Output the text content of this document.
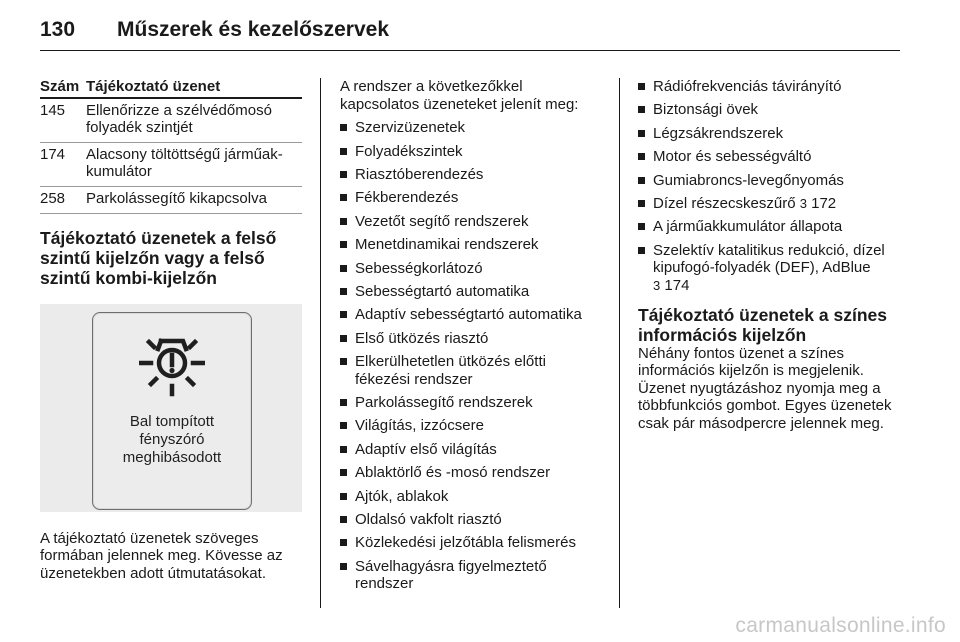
130 Műszerek és kezelőszervek
Szám	Tájékoztató üzenet
145	Ellenőrizze a szélvédőmosó folyadék szintjét
174	Alacsony töltöttségű járműak-kumulátor
258	Parkolássegítő kikapcsolva
Tájékoztató üzenetek a felső szintű kijelzőn vagy a felső szintű kombi-kijelzőn
Bal tompított
fényszóró
meghibásodott

A tájékoztató üzenetek szöveges formában jelennek meg. Kövesse az üzenetekben adott útmutatásokat.

A rendszer a következőkkel kapcsolatos üzeneteket jelenít meg:

Szervizüzenetek
Folyadékszintek
Riasztóberendezés
Fékberendezés
Vezetőt segítő rendszerek
Menetdinamikai rendszerek
Sebességkorlátozó
Sebességtartó automatika
Adaptív sebességtartó automatika
Első ütközés riasztó
Elkerülhetetlen ütközés előtti fékezési rendszer
Parkolássegítő rendszerek
Világítás, izzócsere
Adaptív első világítás
Ablaktörlő és -mosó rendszer
Ajtók, ablakok
Oldalsó vakfolt riasztó
Közlekedési jelzőtábla felismerés
Sávelhagyásra figyelmeztető rendszer
Rádiófrekvenciás távirányító
Biztonsági övek
Légzsákrendszerek
Motor és sebességváltó
Gumiabroncs-levegőnyomás
Dízel részecskeszűrő 3 172
A járműakkumulátor állapota
Szelektív katalitikus redukció, dízel kipufogó-folyadék (DEF), AdBlue
3 174
Tájékoztató üzenetek a színes információs kijelzőn

Néhány fontos üzenet a színes információs kijelzőn is megjelenik. Üzenet nyugtázáshoz nyomja meg a többfunkciós gombot. Egyes üzenetek csak pár másodpercre jelennek meg.

carmanualsonline.info
